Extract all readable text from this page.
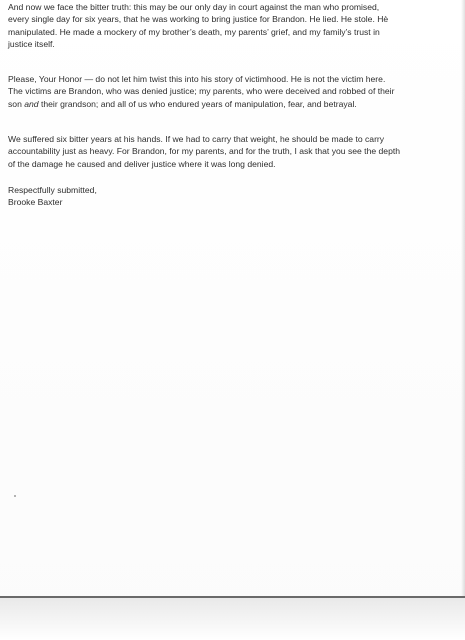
And now we face the bitter truth: this may be our only day in court against the man who promised,
every single day for six years, that he was working to bring justice for Brandon. He lied. He stole. Hè
manipulated. He made a mockery of my brother’s death, my parents’ grief, and my family’s trust in
justice itself.

Please, Your Honor — do not let him twist this into his story of victimhood. He is not the victim here.
The victims are Brandon, who was denied justice; my parents, who were deceived and robbed of their
son and their grandson; and all of us who endured years of manipulation, fear, and betrayal.

We suffered six bitter years at his hands. If we had to carry that weight, he should be made to carry
accountability just as heavy. For Brandon, for my parents, and for the truth, I ask that you see the depth
of the damage he caused and deliver justice where it was long denied.

Respectfully submitted,
Brooke Baxter
